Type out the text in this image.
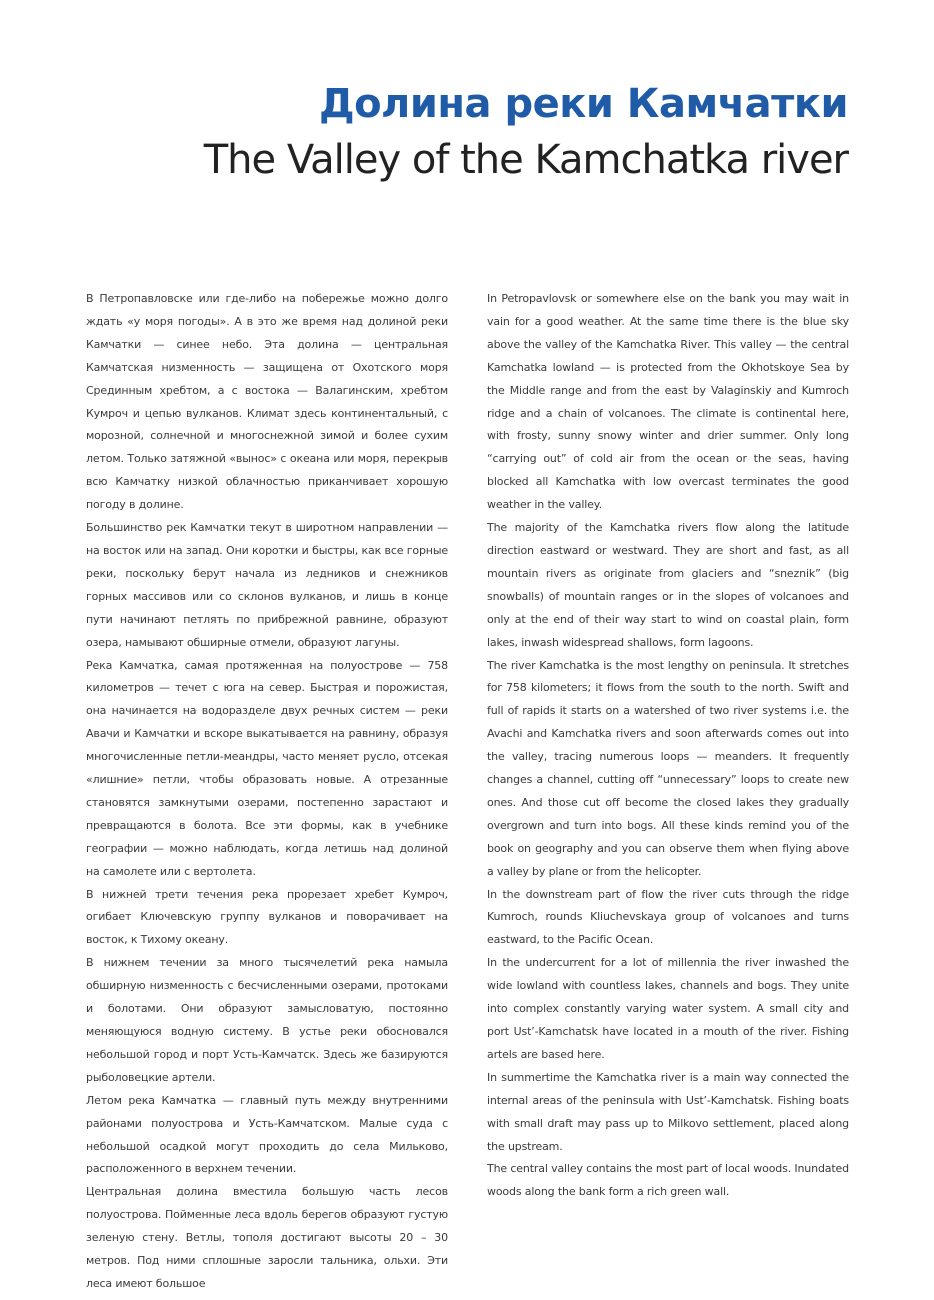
Долина реки Камчатки
The Valley of the Kamchatka river

В Петропавловске или где-либо на побережье можно долго ждать «у моря погоды». А в это же время над долиной реки Камчатки — синее небо. Эта долина — центральная Камчатская низменность — защищена от Охотского моря Срединным хребтом, а с востока — Валагинским, хребтом Кумроч и цепью вулканов. Климат здесь континентальный, с морозной, солнечной и многоснежной зимой и более сухим летом. Только затяжной «вынос» с океана или моря, перекрыв всю Камчатку низкой облачностью приканчивает хорошую погоду в долине.

Большинство рек Камчатки текут в широтном направлении — на восток или на запад. Они коротки и быстры, как все горные реки, поскольку берут начала из ледников и снежников горных массивов или со склонов вулканов, и лишь в конце пути начинают петлять по прибрежной равнине, образуют озера, намывают обширные отмели, образуют лагуны.

Река Камчатка, самая протяженная на полуострове — 758 километров — течет с юга на север. Быстрая и порожистая, она начинается на водоразделе двух речных систем — реки Авачи и Камчатки и вскоре выкатывается на равнину, образуя многочисленные петли-меандры, часто меняет русло, отсекая «лишние» петли, чтобы образовать новые. А отрезанные становятся замкнутыми озерами, постепенно зарастают и превращаются в болота. Все эти формы, как в учебнике географии — можно наблюдать, когда летишь над долиной на самолете или с вертолета.

В нижней трети течения река прорезает хребет Кумроч, огибает Ключевскую группу вулканов и поворачивает на восток, к Тихому океану.

В нижнем течении за много тысячелетий река намыла обширную низменность с бесчисленными озерами, протоками и болотами. Они образуют замысловатую, постоянно меняющуюся водную систему. В устье реки обосновался небольшой город и порт Усть-Камчатск. Здесь же базируются рыболовецкие артели.

Летом река Камчатка — главный путь между внутренними районами полуострова и Усть-Камчатском. Малые суда с небольшой осадкой могут проходить до села Мильково, расположенного в верхнем течении.

Центральная долина вместила большую часть лесов полуострова. Пойменные леса вдоль берегов образуют густую зеленую стену. Ветлы, тополя достигают высоты 20 – 30 метров. Под ними сплошные заросли тальника, ольхи. Эти леса имеют большое

In Petropavlovsk or somewhere else on the bank you may wait in vain for a good weather. At the same time there is the blue sky above the valley of the Kamchatka River. This valley — the central Kamchatka lowland — is protected from the Okhotskoye Sea by the Middle range and from the east by Valaginskiy and Kumroch ridge and a chain of volcanoes. The climate is continental here, with frosty, sunny snowy winter and drier summer. Only long “carrying out” of cold air from the ocean or the seas, having blocked all Kamchatka with low overcast terminates the good weather in the valley.

The majority of the Kamchatka rivers flow along the latitude direction eastward or westward. They are short and fast, as all mountain rivers as originate from glaciers and “sneznik” (big snowballs) of mountain ranges or in the slopes of volcanoes and only at the end of their way start to wind on coastal plain, form lakes, inwash widespread shallows, form lagoons.

The river Kamchatka is the most lengthy on peninsula. It stretches for 758 kilometers; it flows from the south to the north. Swift and full of rapids it starts on a watershed of two river systems i.e. the Avachi and Kamchatka rivers and soon afterwards comes out into the valley, tracing numerous loops — meanders. It frequently changes a channel, cutting off “unnecessary” loops to create new ones. And those cut off become the closed lakes they gradually overgrown and turn into bogs. All these kinds remind you of the book on geography and you can observe them when flying above a valley by plane or from the helicopter.

In the downstream part of flow the river cuts through the ridge Kumroch, rounds Kliuchevskaya group of volcanoes and turns eastward, to the Pacific Ocean.

In the undercurrent for a lot of millennia the river inwashed the wide lowland with countless lakes, channels and bogs. They unite into complex constantly varying water system. A small city and port Ust’-Kamchatsk have located in a mouth of the river. Fishing artels are based here.

In summertime the Kamchatka river is a main way connected the internal areas of the peninsula with Ust’-Kamchatsk. Fishing boats with small draft may pass up to Milkovo settlement, placed along the upstream.

The central valley contains the most part of local woods. Inundated woods along the bank form a rich green wall.
